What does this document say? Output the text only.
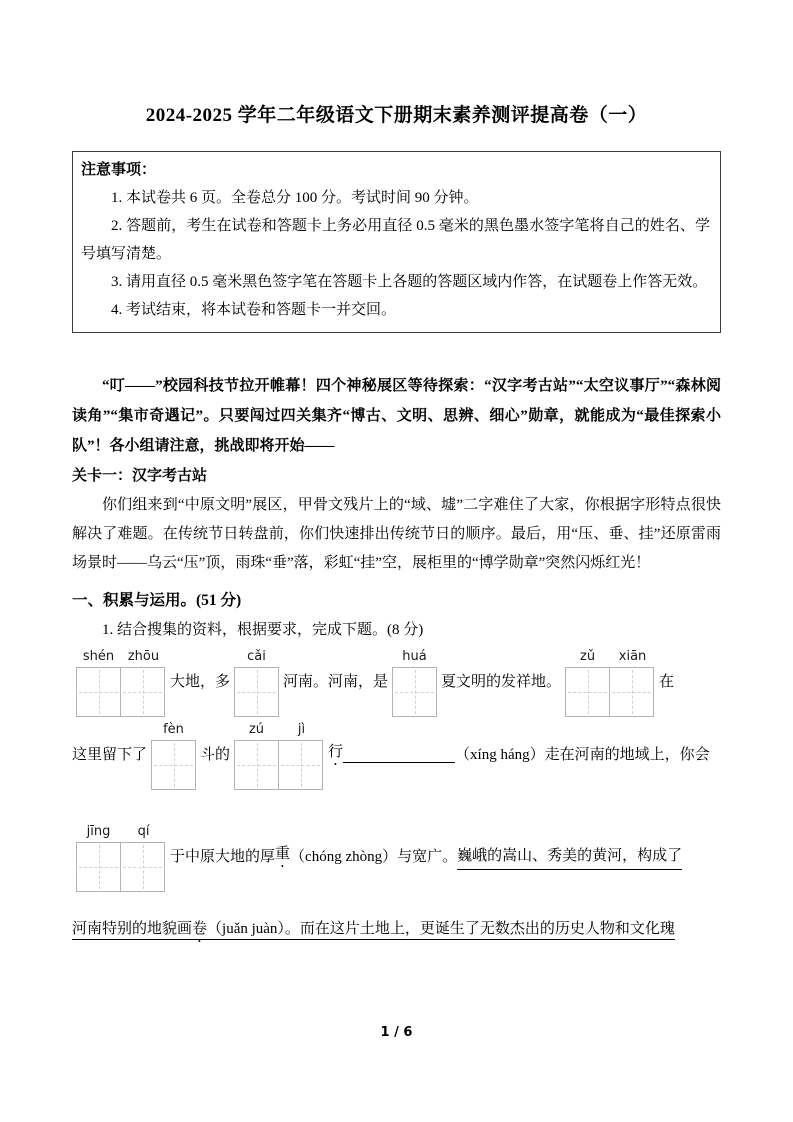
2024-2025 学年二年级语文下册期末素养测评提高卷（一）

注意事项：

1. 本试卷共 6 页。全卷总分 100 分。考试时间 90 分钟。

2. 答题前，考生在试卷和答题卡上务必用直径 0.5 毫米的黑色墨水签字笔将自己的姓名、学号填写清楚。

3. 请用直径 0.5 毫米黑色签字笔在答题卡上各题的答题区域内作答，在试题卷上作答无效。

4. 考试结束，将本试卷和答题卡一并交回。

“叮——”校园科技节拉开帷幕！四个神秘展区等待探索：“汉字考古站”“太空议事厅”“森林阅读角”“集市奇遇记”。只要闯过四关集齐“博古、文明、思辨、细心”勋章，就能成为“最佳探索小队”！各小组请注意，挑战即将开始——

关卡一：汉字考古站

你们组来到“中原文明”展区，甲骨文残片上的“域、墟”二字难住了大家，你根据字形特点很快解决了难题。在传统节日转盘前，你们快速排出传统节日的顺序。最后，用“压、垂、挂”还原雷雨场景时——乌云“压”顶，雨珠“垂”落，彩虹“挂”空，展柜里的“博学勋章”突然闪烁红光！

一、积累与运用。(51 分)

1. 结合搜集的资料，根据要求，完成下题。(8 分)

shén	zhōu
大地，多
cǎi
河南。河南，是
huá
夏文明的发祥地。
zǔ	xiān
在
这里留下了
fèn
斗的
zú	jì
行	（xíng háng）走在河南的地域上，你会
jīng	qí
于中原大地的厚 重 （chóng zhòng）与宽广。 巍峨的嵩山、秀美的黄河，构成了

河南特别的地貌画卷（juǎn juàn）。而在这片土地上，更诞生了无数杰出的历史人物和文化瑰

1 / 6
